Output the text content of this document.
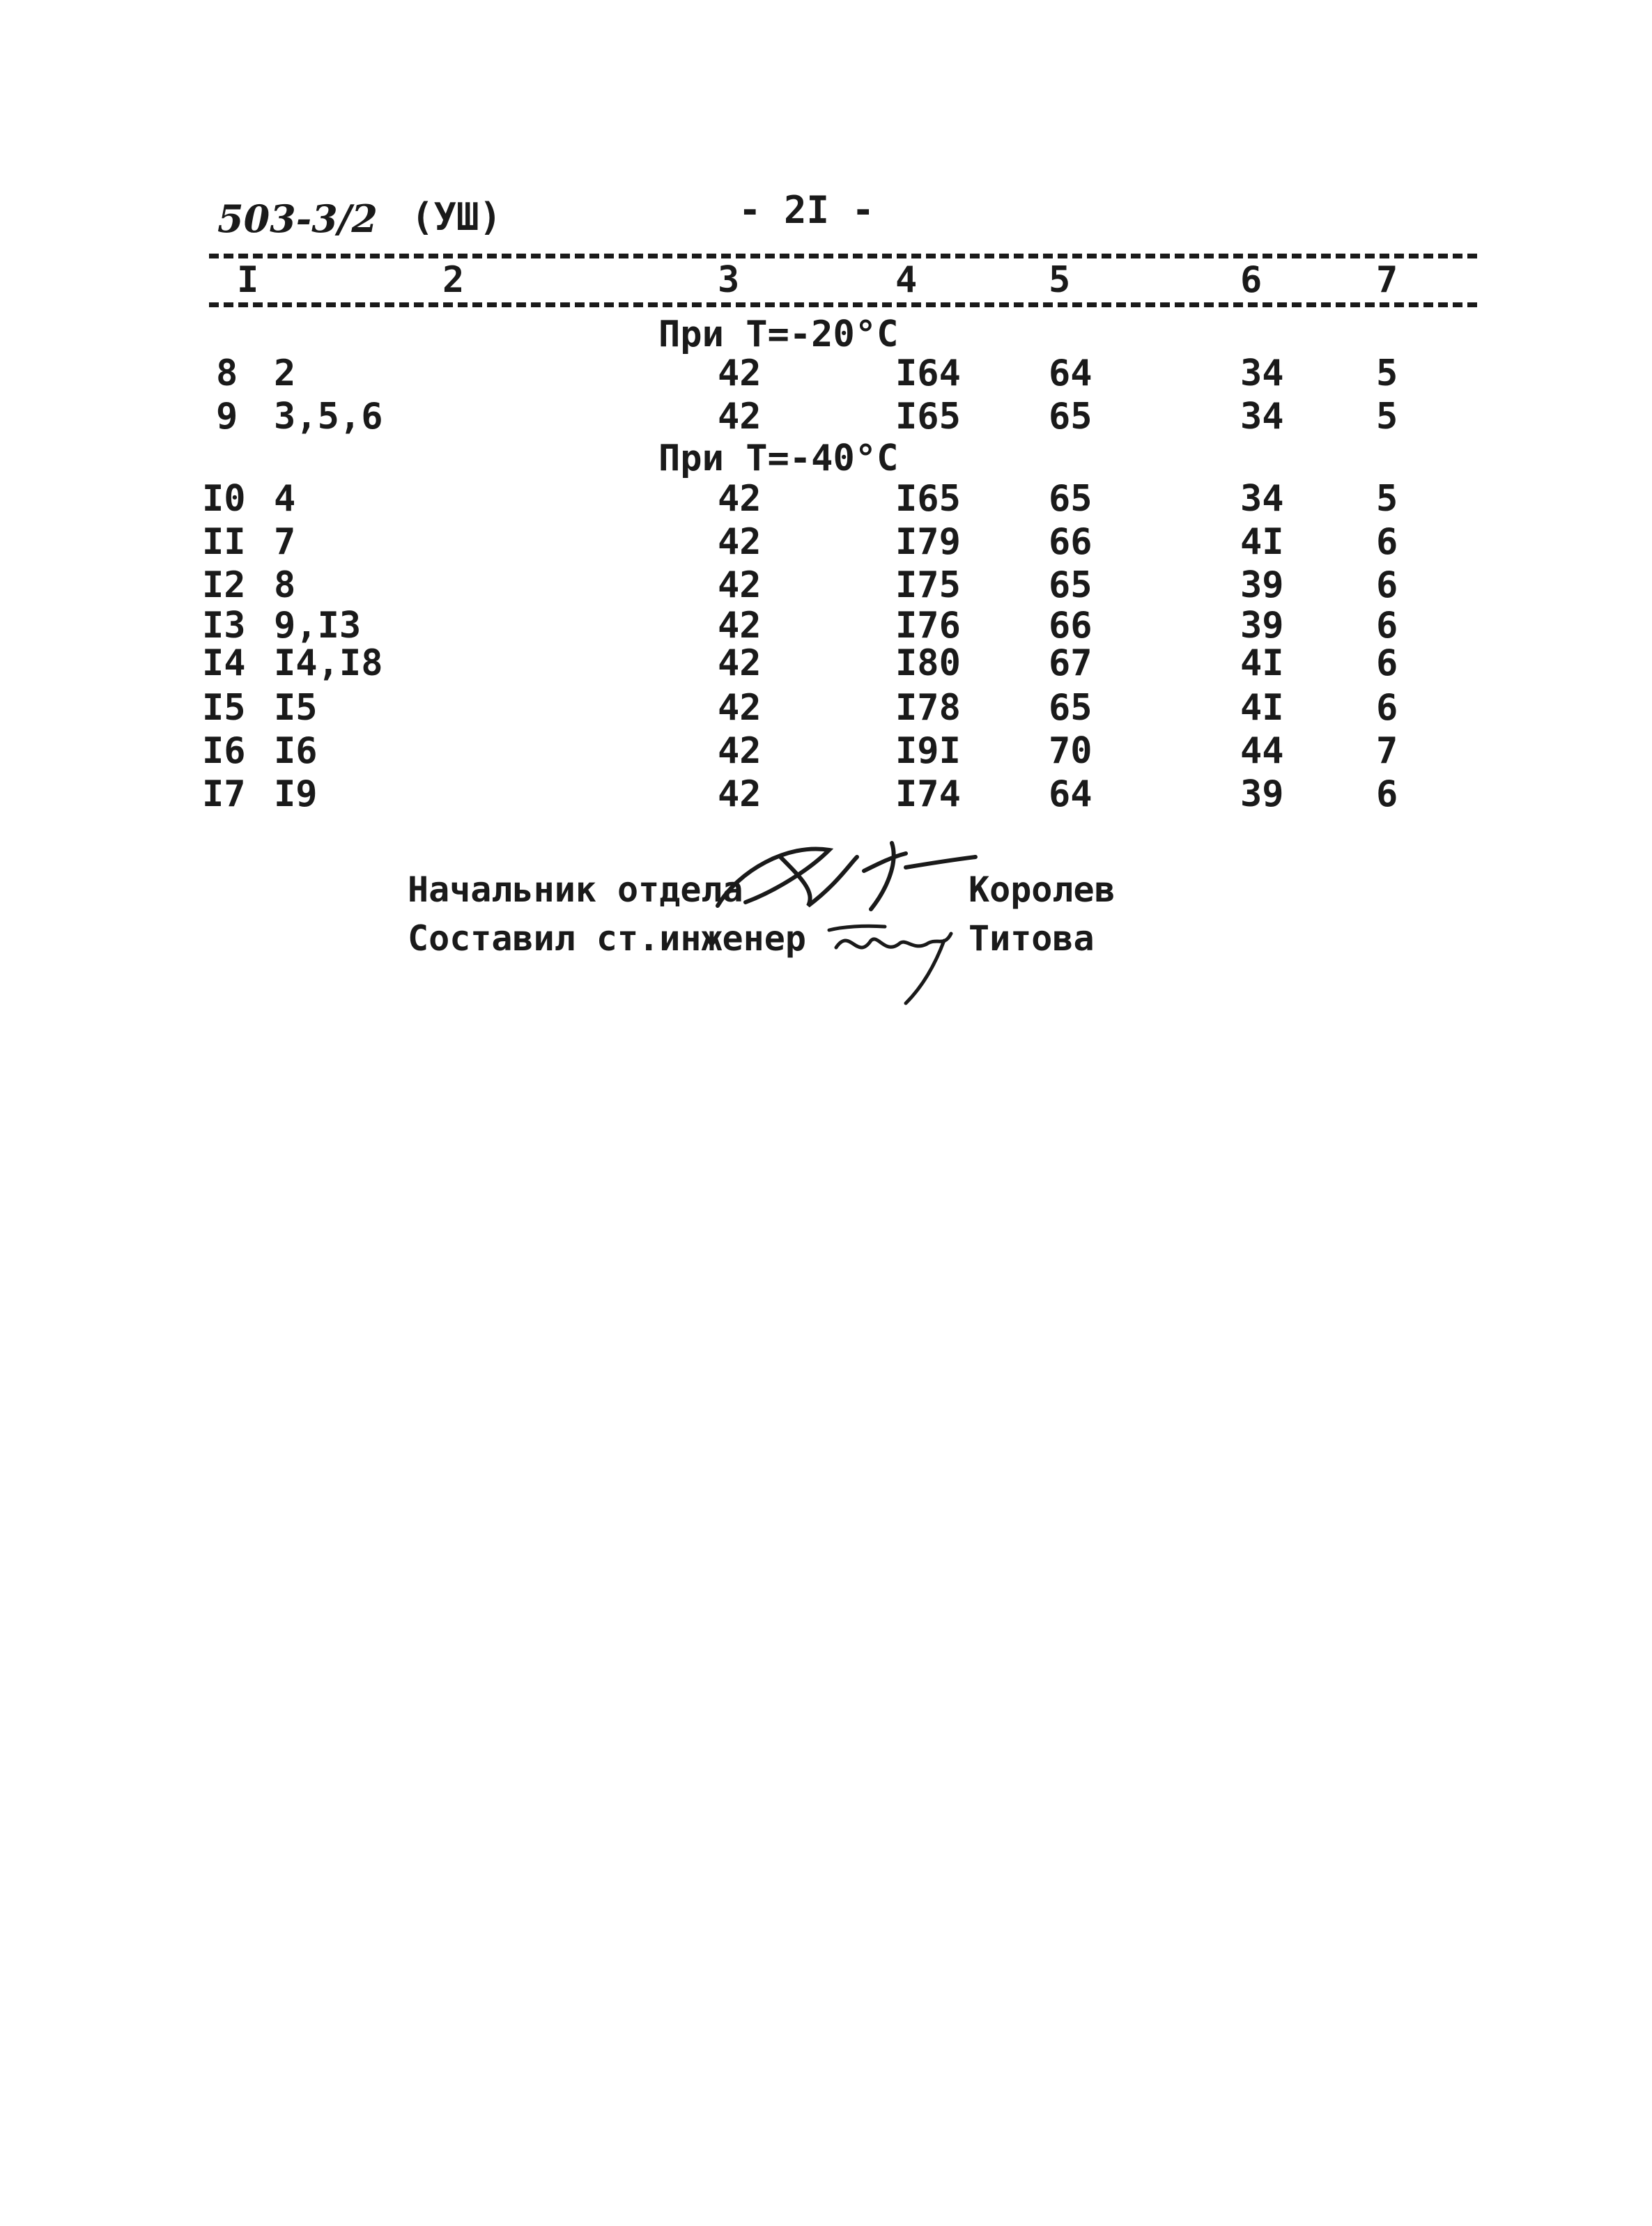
503-3/2 (УШ)	- 2I -
I	2	3	4	5	6	7
При Т=-20°C
8 2	42	I64 64	34	5
9 3,5,6	42	I65 65	34	5
При Т=-40°C
I0 4	42	I65 65	34	5
II 7	42	I79 66	4I	6
I2 8	42	I75 65	39	6
I3 9,I3	42	I76 66	39	6
I4 I4,I8	42	I80 67	4I	6
I5 I5	42	I78 65	4I	6
I6 I6	42	I9I 70	44	7
I7 I9	42	I74 64	39	6
Начальник отдела	Королев
Составил ст.инженер	Титова
